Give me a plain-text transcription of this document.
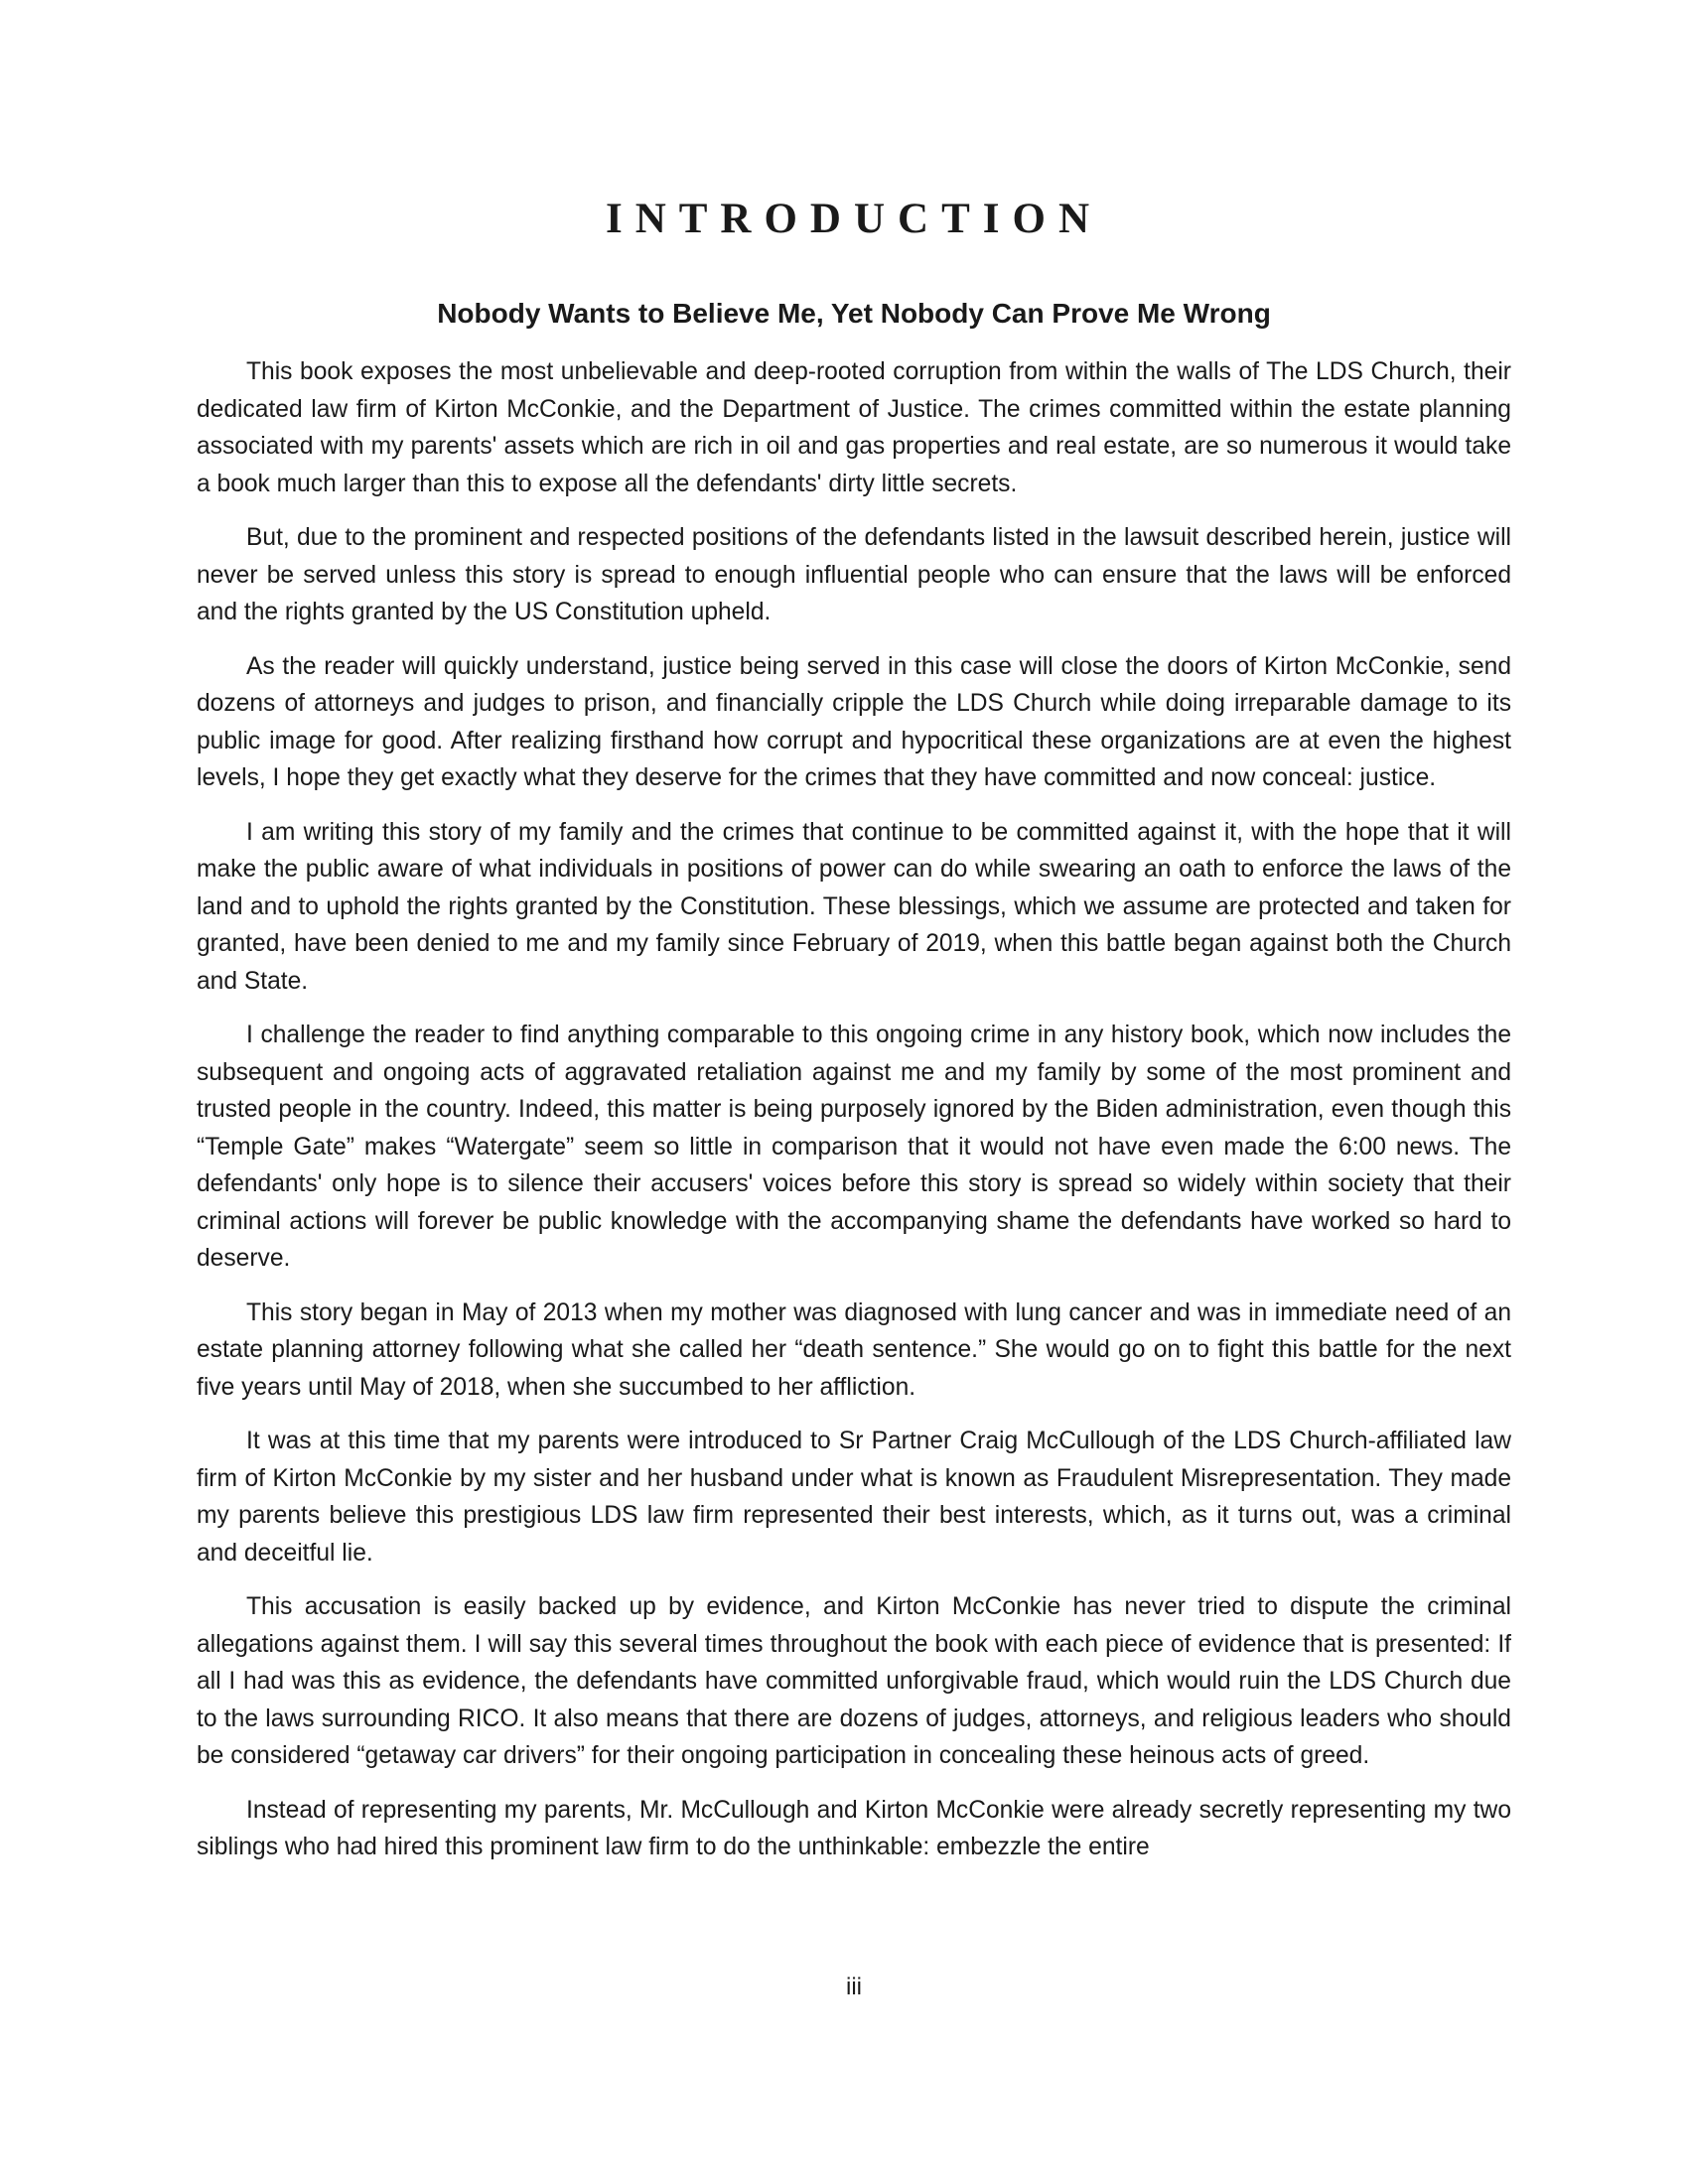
INTRODUCTION
Nobody Wants to Believe Me, Yet Nobody Can Prove Me Wrong

This book exposes the most unbelievable and deep-rooted corruption from within the walls of The LDS Church, their dedicated law firm of Kirton McConkie, and the Department of Justice. The crimes committed within the estate planning associated with my parents' assets which are rich in oil and gas properties and real estate, are so numerous it would take a book much larger than this to expose all the defendants' dirty little secrets.

But, due to the prominent and respected positions of the defendants listed in the lawsuit described herein, justice will never be served unless this story is spread to enough influential people who can ensure that the laws will be enforced and the rights granted by the US Constitution upheld.

As the reader will quickly understand, justice being served in this case will close the doors of Kirton McConkie, send dozens of attorneys and judges to prison, and financially cripple the LDS Church while doing irreparable damage to its public image for good. After realizing firsthand how corrupt and hypocritical these organizations are at even the highest levels, I hope they get exactly what they deserve for the crimes that they have committed and now conceal: justice.

I am writing this story of my family and the crimes that continue to be committed against it, with the hope that it will make the public aware of what individuals in positions of power can do while swearing an oath to enforce the laws of the land and to uphold the rights granted by the Constitution. These blessings, which we assume are protected and taken for granted, have been denied to me and my family since February of 2019, when this battle began against both the Church and State.

I challenge the reader to find anything comparable to this ongoing crime in any history book, which now includes the subsequent and ongoing acts of aggravated retaliation against me and my family by some of the most prominent and trusted people in the country. Indeed, this matter is being purposely ignored by the Biden administration, even though this “Temple Gate” makes “Watergate” seem so little in comparison that it would not have even made the 6:00 news. The defendants' only hope is to silence their accusers' voices before this story is spread so widely within society that their criminal actions will forever be public knowledge with the accompanying shame the defendants have worked so hard to deserve.

This story began in May of 2013 when my mother was diagnosed with lung cancer and was in immediate need of an estate planning attorney following what she called her “death sentence.” She would go on to fight this battle for the next five years until May of 2018, when she succumbed to her affliction.

It was at this time that my parents were introduced to Sr Partner Craig McCullough of the LDS Church-affiliated law firm of Kirton McConkie by my sister and her husband under what is known as Fraudulent Misrepresentation. They made my parents believe this prestigious LDS law firm represented their best interests, which, as it turns out, was a criminal and deceitful lie.

This accusation is easily backed up by evidence, and Kirton McConkie has never tried to dispute the criminal allegations against them. I will say this several times throughout the book with each piece of evidence that is presented: If all I had was this as evidence, the defendants have committed unforgivable fraud, which would ruin the LDS Church due to the laws surrounding RICO. It also means that there are dozens of judges, attorneys, and religious leaders who should be considered “getaway car drivers” for their ongoing participation in concealing these heinous acts of greed.

Instead of representing my parents, Mr. McCullough and Kirton McConkie were already secretly representing my two siblings who had hired this prominent law firm to do the unthinkable: embezzle the entire

iii
